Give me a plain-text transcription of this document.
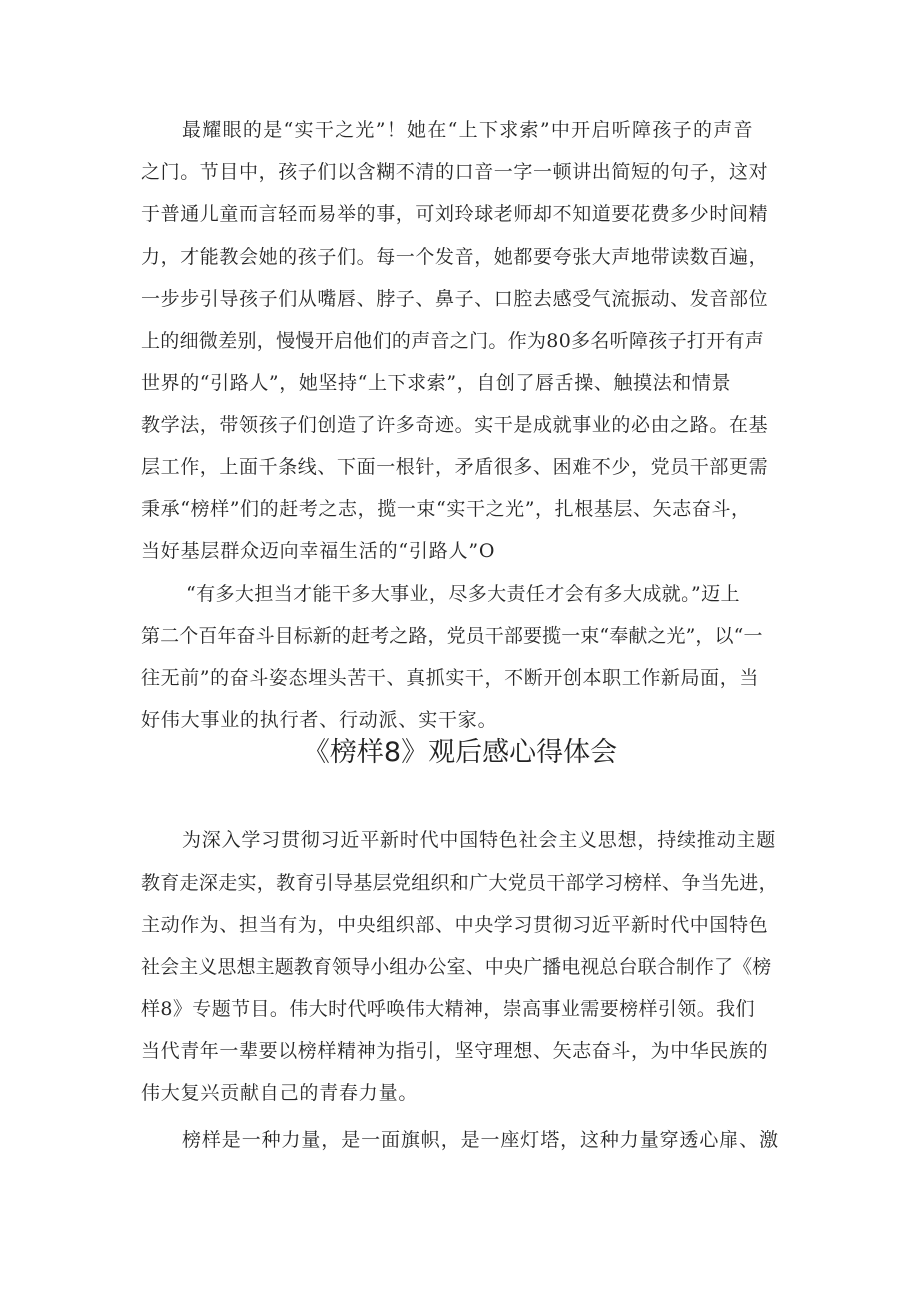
最耀眼的是“实干之光”！她在“上下求索”中开启听障孩子的声音
之门。节目中，孩子们以含糊不清的口音一字一顿讲出简短的句子，这对
于普通儿童而言轻而易举的事，可刘玲球老师却不知道要花费多少时间精
力，才能教会她的孩子们。每一个发音，她都要夸张大声地带读数百遍，
一步步引导孩子们从嘴唇、脖子、鼻子、口腔去感受气流振动、发音部位
上的细微差别，慢慢开启他们的声音之门。作为80多名听障孩子打开有声
世界的“引路人”，她坚持“上下求索”，自创了唇舌操、触摸法和情景
教学法，带领孩子们创造了许多奇迹。实干是成就事业的必由之路。在基
层工作，上面千条线、下面一根针，矛盾很多、困难不少，党员干部更需
秉承“榜样”们的赶考之志，揽一束“实干之光”，扎根基层、矢志奋斗，
当好基层群众迈向幸福生活的“引路人”O
“有多大担当才能干多大事业，尽多大责任才会有多大成就。”迈上
第二个百年奋斗目标新的赶考之路，党员干部要揽一束“奉献之光”，以“一
往无前”的奋斗姿态埋头苦干、真抓实干，不断开创本职工作新局面，当
好伟大事业的执行者、行动派、实干家。
《榜样8》观后感心得体会
为深入学习贯彻习近平新时代中国特色社会主义思想，持续推动主题
教育走深走实，教育引导基层党组织和广大党员干部学习榜样、争当先进，
主动作为、担当有为，中央组织部、中央学习贯彻习近平新时代中国特色
社会主义思想主题教育领导小组办公室、中央广播电视总台联合制作了《榜
样8》专题节目。伟大时代呼唤伟大精神，崇高事业需要榜样引领。我们
当代青年一辈要以榜样精神为指引，坚守理想、矢志奋斗，为中华民族的
伟大复兴贡献自己的青春力量。
榜样是一种力量，是一面旗帜，是一座灯塔，这种力量穿透心扉、激
